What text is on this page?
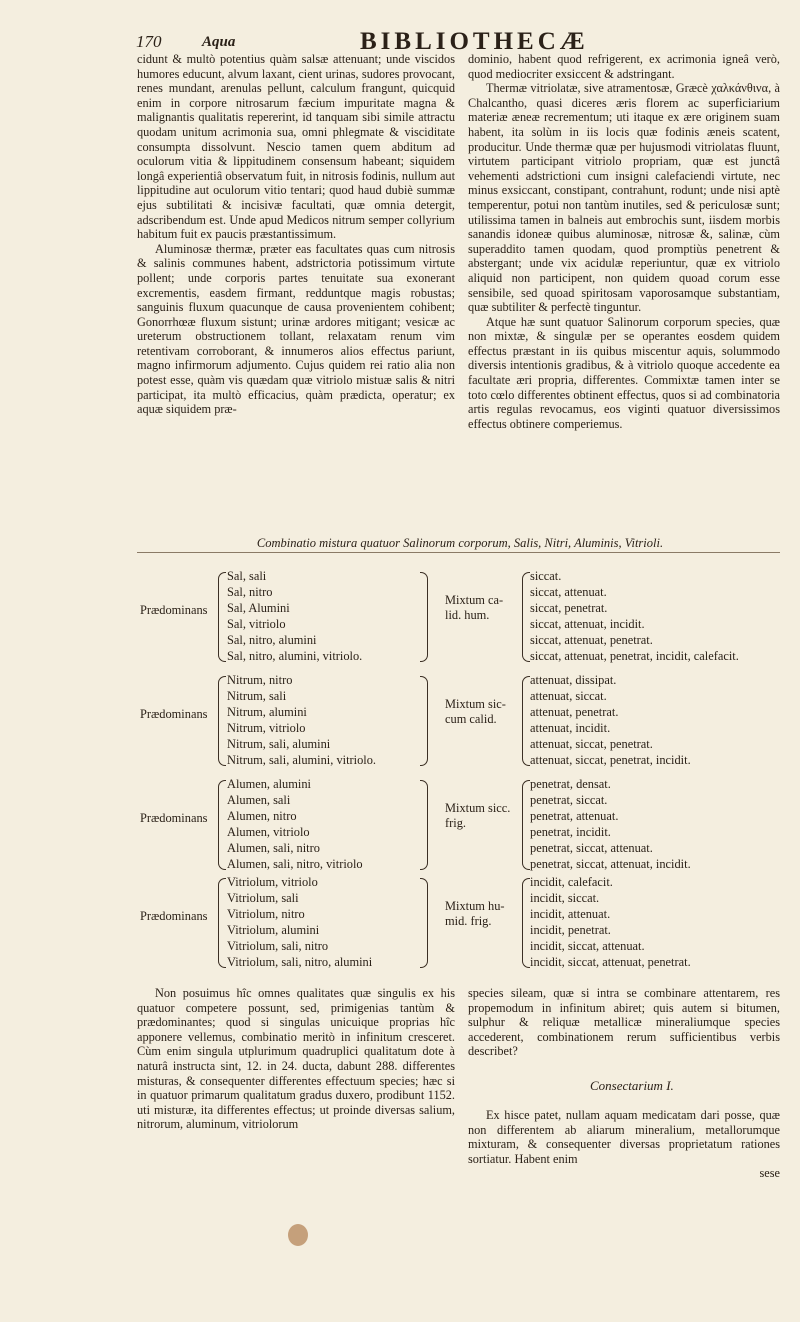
170	Aqua	BIBLIOTHECÆ

cidunt & multò potentius quàm salsæ attenuant; unde viscidos humores educunt, alvum laxant, cient urinas, sudores provocant, renes mundant, arenulas pellunt, calculum frangunt, quicquid enim in corpore nitrosarum fæcium impuritate magna & malignantis qualitatis repererint, id tanquam sibi simile attractu quodam unitum acrimonia sua, omni phlegmate & visciditate consumpta dissolvunt. Nescio tamen quem abditum ad oculorum vitia & lippitudinem consensum habeant; siquidem longâ experientiâ observatum fuit, in nitrosis fodinis, nullum aut lippitudine aut oculorum vitio tentari; quod haud dubiè summæ ejus subtilitati & incisivæ facultati, quæ omnia detergit, adscribendum est. Unde apud Medicos nitrum semper collyrium habitum fuit ex paucis præstantissimum.

Aluminosæ thermæ, præter eas facultates quas cum nitrosis & salinis communes habent, adstrictoria potissimum virtute pollent; unde corporis partes tenuitate sua exonerant excrementis, easdem firmant, redduntque magis robustas; sanguinis fluxum quacunque de causa provenientem cohibent; Gonorrhœæ fluxum sistunt; urinæ ardores mitigant; vesicæ ac ureterum obstructionem tollant, relaxatam renum vim retentivam corroborant, & innumeros alios effectus pariunt, magno infirmorum adjumento. Cujus quidem rei ratio alia non potest esse, quàm vis quædam quæ vitriolo mistuæ salis & nitri participat, ita multò efficacius, quàm prædicta, operatur; ex aquæ siquidem præ-

dominio, habent quod refrigerent, ex acrimonia igneâ verò, quod mediocriter exsiccent & adstringant.

Thermæ vitriolatæ, sive atramentosæ, Græcè χαλκάνθινα, à Chalcantho, quasi diceres æris florem ac superficiarium materiæ æneæ recrementum; uti itaque ex ære originem suam habent, ita solùm in iis locis quæ fodinis æneis scatent, producitur. Unde thermæ quæ per hujusmodi vitriolatas fluunt, virtutem participant vitriolo propriam, quæ est junctâ vehementi adstrictioni cum insigni calefaciendi virtute, nec minus exsiccant, constipant, contrahunt, rodunt; unde nisi aptè temperentur, potui non tantùm inutiles, sed & periculosæ sunt; utilissima tamen in balneis aut embrochis sunt, iisdem morbis sanandis idoneæ quibus aluminosæ, nitrosæ &, salinæ, cùm superaddito tamen quodam, quod promptiùs penetrent & abstergant; unde vix acidulæ reperiuntur, quæ ex vitriolo aliquid non participent, non quidem quoad corum esse sensibile, sed quoad spiritosam vaporosamque substantiam, quæ subtiliter & perfectè tinguntur.

Atque hæ sunt quatuor Salinorum corporum species, quæ non mixtæ, & singulæ per se operantes eosdem quidem effectus præstant in iis quibus miscentur aquis, solummodo diversis intentionis gradibus, & à vitriolo quoque accedente ea facultate æri propria, differentes. Commixtæ tamen inter se toto cœlo differentes obtinent effectus, quos si ad combinatoria artis regulas revocamus, eos viginti quatuor diversissimos effectus obtinere comperiemus.

Combinatio mistura quatuor Salinorum corporum, Salis, Nitri, Aluminis, Vitrioli.
Prædominans
Sal, sali
Sal, nitro
Sal, Alumini
Sal, vitriolo
Sal, nitro, alumini
Sal, nitro, alumini, vitriolo.
Mixtum ca-
lid. hum.
siccat.
siccat, attenuat.
siccat, penetrat.
siccat, attenuat, incidit.
siccat, attenuat, penetrat.
siccat, attenuat, penetrat, incidit, calefacit.
Prædominans
Nitrum, nitro
Nitrum, sali
Nitrum, alumini
Nitrum, vitriolo
Nitrum, sali, alumini
Nitrum, sali, alumini, vitriolo.
Mixtum sic-
cum calid.
attenuat, dissipat.
attenuat, siccat.
attenuat, penetrat.
attenuat, incidit.
attenuat, siccat, penetrat.
attenuat, siccat, penetrat, incidit.
Prædominans
Alumen, alumini
Alumen, sali
Alumen, nitro
Alumen, vitriolo
Alumen, sali, nitro
Alumen, sali, nitro, vitriolo
Mixtum sicc.
frig.
penetrat, densat.
penetrat, siccat.
penetrat, attenuat.
penetrat, incidit.
penetrat, siccat, attenuat.
penetrat, siccat, attenuat, incidit.
Prædominans
Vitriolum, vitriolo
Vitriolum, sali
Vitriolum, nitro
Vitriolum, alumini
Vitriolum, sali, nitro
Vitriolum, sali, nitro, alumini
Mixtum hu-
mid. frig.
incidit, calefacit.
incidit, siccat.
incidit, attenuat.
incidit, penetrat.
incidit, siccat, attenuat.
incidit, siccat, attenuat, penetrat.

Non posuimus hîc omnes qualitates quæ singulis ex his quatuor competere possunt, sed, primigenias tantùm & prædominantes; quod si singulas unicuique proprias hîc apponere vellemus, combinatio meritò in infinitum cresceret. Cùm enim singula utplurimum quadruplici qualitatum dote à naturâ instructa sint, 12. in 24. ducta, dabunt 288. differentes misturas, & consequenter differentes effectuum species; hæc si in quatuor primarum qualitatum gradus duxero, prodibunt 1152. uti misturæ, ita differentes effectus; ut proinde diversas salium, nitrorum, aluminum, vitriolorum

species sileam, quæ si intra se combinare attentarem, res propemodum in infinitum abiret; quis autem si bitumen, sulphur & reliquæ metallicæ mineraliumque species accederent, combinationem rerum sufficientibus verbis describet?

Consectarium I.

Ex hisce patet, nullam aquam medicatam dari posse, quæ non differentem ab aliarum mineralium, metallorumque mixturam, & consequenter diversas proprietatum rationes sortiatur. Habent enim

sese
